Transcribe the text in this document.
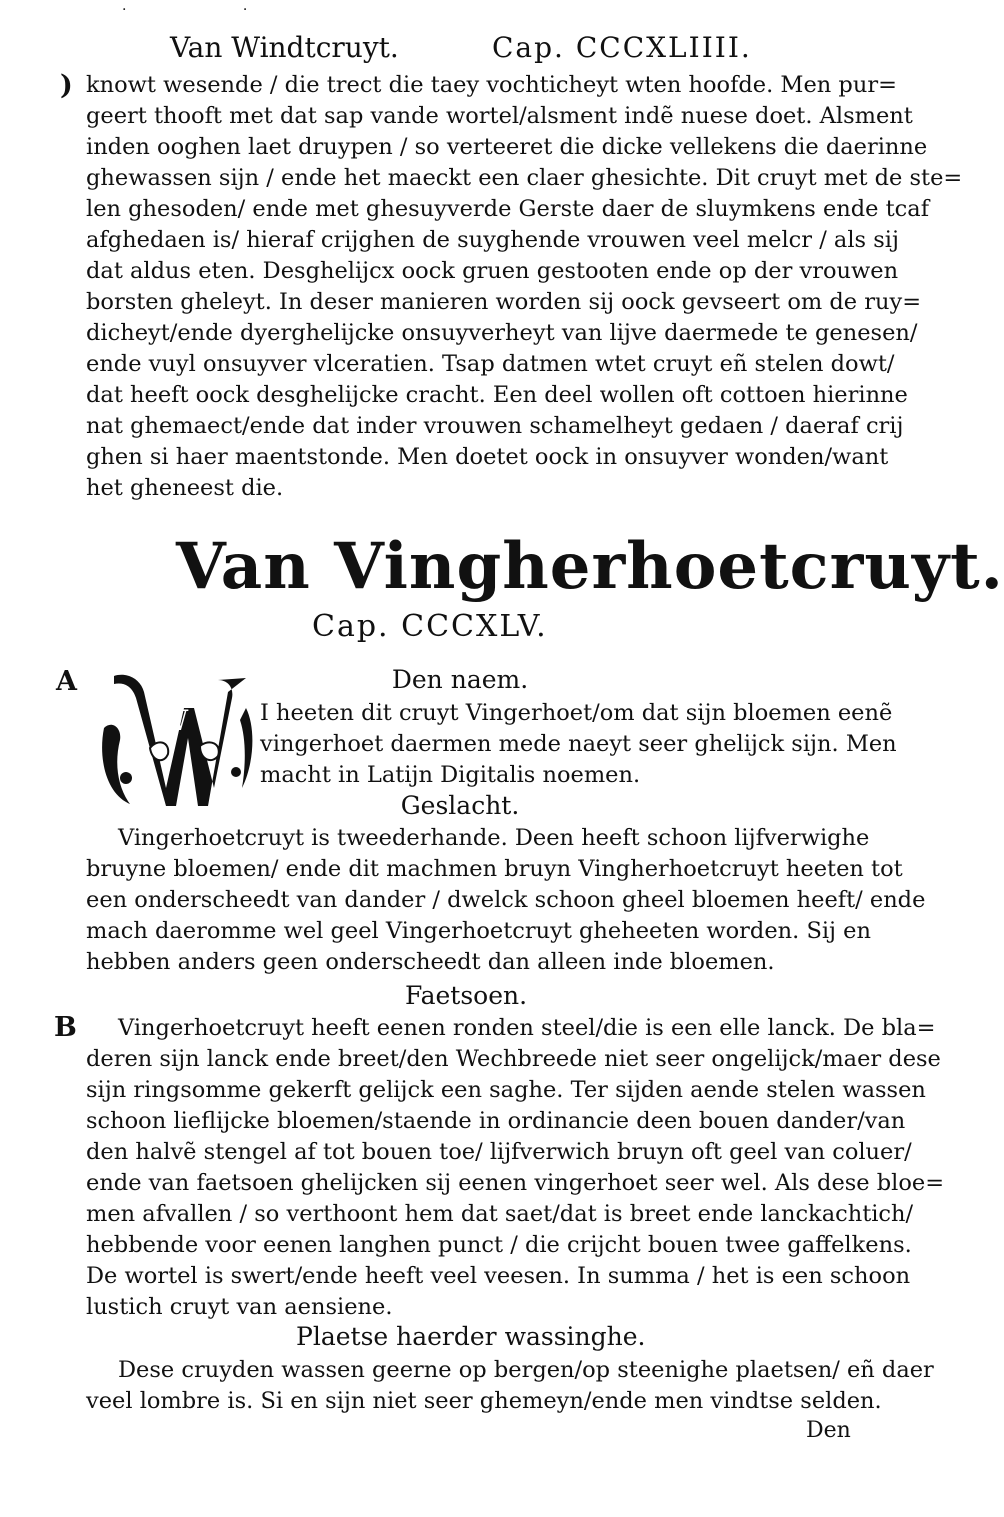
· ·
Van Windtcruyt.	Cap. CCCXLIIII.
) knowt wesende / die trect die taey vochticheyt wten hoofde. Men pur=
geert thooft met dat sap vande wortel/alsment indẽ nuese doet. Alsment
inden ooghen laet druypen / so verteeret die dicke vellekens die daerinne
ghewassen sijn / ende het maeckt een claer ghesichte. Dit cruyt met de ste=
len ghesoden/ ende met ghesuyverde Gerste daer de sluymkens ende tcaf
afghedaen is/ hieraf crijghen de suyghende vrouwen veel melcr / als sij
dat aldus eten. Desghelijcx oock gruen gestooten ende op der vrouwen
borsten gheleyt. In deser manieren worden sij oock gevseert om de ruy=
dicheyt/ende dyerghelijcke onsuyverheyt van lijve daermede te genesen/
ende vuyl onsuyver vlceratien. Tsap datmen wtet cruyt eñ stelen dowt/
dat heeft oock desghelijcke cracht. Een deel wollen oft cottoen hierinne
nat ghemaect/ende dat inder vrouwen schamelheyt gedaen / daeraf crij
ghen si haer maentstonde. Men doetet oock in onsuyver wonden/want
het gheneest die.
Van Vingherhoetcruyt.
Cap. CCCXLV.
A	Den naem.
W	I heeten dit cruyt Vingerhoet/om dat sijn bloemen eenẽ
vingerhoet daermen mede naeyt seer ghelijck sijn. Men
macht in Latijn Digitalis noemen.
Geslacht.
Vingerhoetcruyt is tweederhande. Deen heeft schoon lijfverwighe
bruyne bloemen/ ende dit machmen bruyn Vingherhoetcruyt heeten tot
een onderscheedt van dander / dwelck schoon gheel bloemen heeft/ ende
mach daeromme wel geel Vingerhoetcruyt gheheeten worden. Sij en
hebben anders geen onderscheedt dan alleen inde bloemen.
Faetsoen.
B Vingerhoetcruyt heeft eenen ronden steel/die is een elle lanck. De bla=
deren sijn lanck ende breet/den Wechbreede niet seer ongelijck/maer dese
sijn ringsomme gekerft gelijck een saghe. Ter sijden aende stelen wassen
schoon lieflijcke bloemen/staende in ordinancie deen bouen dander/van
den halvẽ stengel af tot bouen toe/ lijfverwich bruyn oft geel van coluer/
ende van faetsoen ghelijcken sij eenen vingerhoet seer wel. Als dese bloe=
men afvallen / so verthoont hem dat saet/dat is breet ende lanckachtich/
hebbende voor eenen langhen punct / die crijcht bouen twee gaffelkens.
De wortel is swert/ende heeft veel veesen. In summa / het is een schoon
lustich cruyt van aensiene.
Plaetse haerder wassinghe.
Dese cruyden wassen geerne op bergen/op steenighe plaetsen/ eñ daer
veel lombre is. Si en sijn niet seer ghemeyn/ende men vindtse selden.
Den
